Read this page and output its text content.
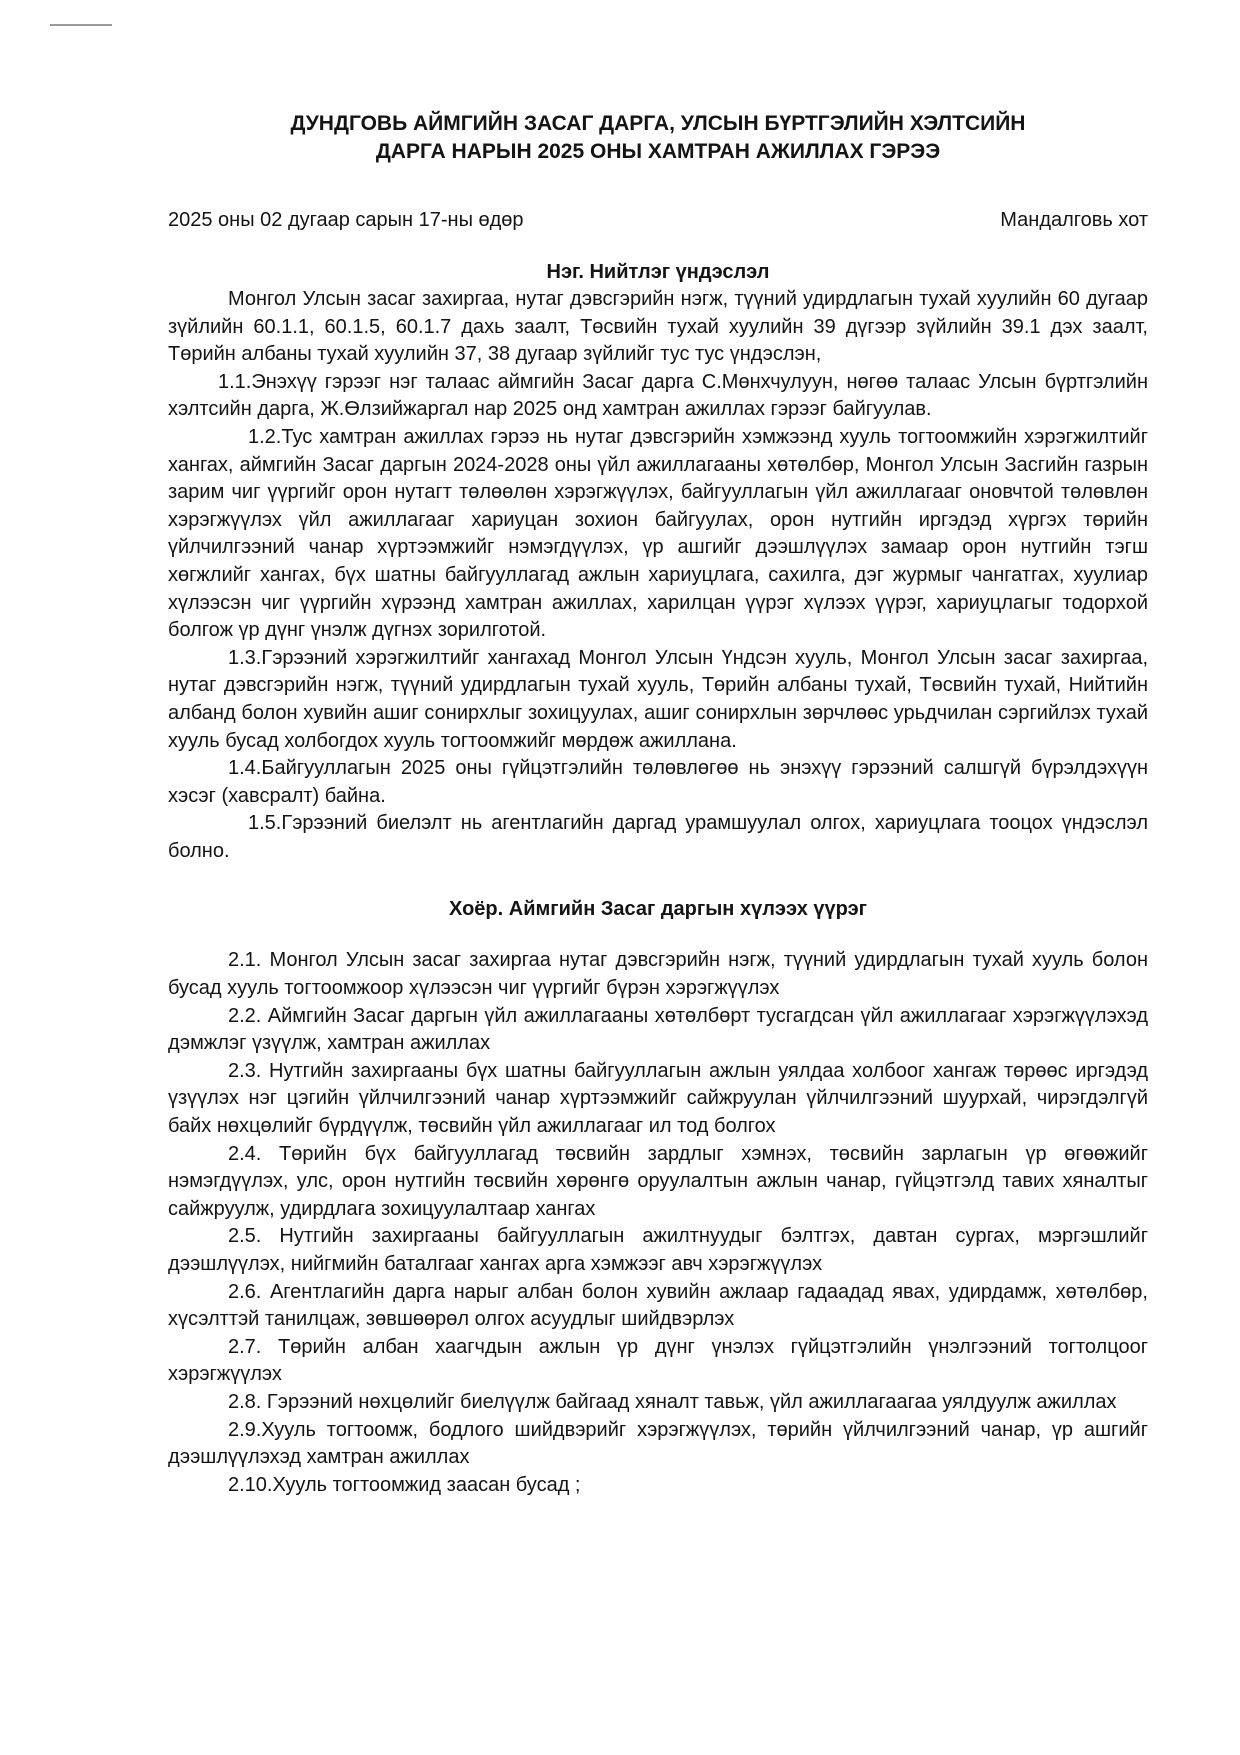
ДУНДГОВЬ АЙМГИЙН ЗАСАГ ДАРГА, УЛСЫН БҮРТГЭЛИЙН ХЭЛТСИЙН
ДАРГА НАРЫН 2025 ОНЫ ХАМТРАН АЖИЛЛАХ ГЭРЭЭ
2025 оны 02 дугаар сарын 17-ны өдөр	Мандалговь хот
Нэг. Нийтлэг үндэслэл

Монгол Улсын засаг захиргаа, нутаг дэвсгэрийн нэгж, түүний удирдлагын тухай хуулийн 60 дугаар зүйлийн 60.1.1, 60.1.5, 60.1.7 дахь заалт, Төсвийн тухай хуулийн 39 дүгээр зүйлийн 39.1 дэх заалт, Төрийн албаны тухай хуулийн 37, 38 дугаар зүйлийг тус тус үндэслэн,

1.1.Энэхүү гэрээг нэг талаас аймгийн Засаг дарга С.Мөнхчулуун, нөгөө талаас Улсын бүртгэлийн хэлтсийн дарга, Ж.Өлзийжаргал нар 2025 онд хамтран ажиллах гэрээг байгуулав.

1.2.Тус хамтран ажиллах гэрээ нь нутаг дэвсгэрийн хэмжээнд хууль тогтоомжийн хэрэгжилтийг хангах, аймгийн Засаг даргын 2024-2028 оны үйл ажиллагааны хөтөлбөр, Монгол Улсын Засгийн газрын зарим чиг үүргийг орон нутагт төлөөлөн хэрэгжүүлэх, байгууллагын үйл ажиллагааг оновчтой төлөвлөн хэрэгжүүлэх үйл ажиллагааг хариуцан зохион байгуулах, орон нутгийн иргэдэд хүргэх төрийн үйлчилгээний чанар хүртээмжийг нэмэгдүүлэх, үр ашгийг дээшлүүлэх замаар орон нутгийн тэгш хөгжлийг хангах, бүх шатны байгууллагад ажлын хариуцлага, сахилга, дэг журмыг чангатгах, хуулиар хүлээсэн чиг үүргийн хүрээнд хамтран ажиллах, харилцан үүрэг хүлээх үүрэг, хариуцлагыг тодорхой болгож үр дүнг үнэлж дүгнэх зорилготой.

1.3.Гэрээний хэрэгжилтийг хангахад Монгол Улсын Үндсэн хууль, Монгол Улсын засаг захиргаа, нутаг дэвсгэрийн нэгж, түүний удирдлагын тухай хууль, Төрийн албаны тухай, Төсвийн тухай, Нийтийн албанд болон хувийн ашиг сонирхлыг зохицуулах, ашиг сонирхлын зөрчлөөс урьдчилан сэргийлэх тухай хууль бусад холбогдох хууль тогтоомжийг мөрдөж ажиллана.

1.4.Байгууллагын 2025 оны гүйцэтгэлийн төлөвлөгөө нь энэхүү гэрээний салшгүй бүрэлдэхүүн хэсэг (хавсралт) байна.

1.5.Гэрээний биелэлт нь агентлагийн даргад урамшуулал олгох, хариуцлага тооцох үндэслэл болно.

Хоёр. Аймгийн Засаг даргын хүлээх үүрэг

2.1. Монгол Улсын засаг захиргаа нутаг дэвсгэрийн нэгж, түүний удирдлагын тухай хууль болон бусад хууль тогтоомжоор хүлээсэн чиг үүргийг бүрэн хэрэгжүүлэх

2.2. Аймгийн Засаг даргын үйл ажиллагааны хөтөлбөрт тусгагдсан үйл ажиллагааг хэрэгжүүлэхэд дэмжлэг үзүүлж, хамтран ажиллах

2.3. Нутгийн захиргааны бүх шатны байгууллагын ажлын уялдаа холбоог хангаж төрөөс иргэдэд үзүүлэх нэг цэгийн үйлчилгээний чанар хүртээмжийг сайжруулан үйлчилгээний шуурхай, чирэгдэлгүй байх нөхцөлийг бүрдүүлж, төсвийн үйл ажиллагааг ил тод болгох

2.4. Төрийн бүх байгууллагад төсвийн зардлыг хэмнэх, төсвийн зарлагын үр өгөөжийг нэмэгдүүлэх, улс, орон нутгийн төсвийн хөрөнгө оруулалтын ажлын чанар, гүйцэтгэлд тавих хяналтыг сайжруулж, удирдлага зохицуулалтаар хангах

2.5. Нутгийн захиргааны байгууллагын ажилтнуудыг бэлтгэх, давтан сургах, мэргэшлийг дээшлүүлэх, нийгмийн баталгааг хангах арга хэмжээг авч хэрэгжүүлэх

2.6. Агентлагийн дарга нарыг албан болон хувийн ажлаар гадаадад явах, удирдамж, хөтөлбөр, хүсэлттэй танилцаж, зөвшөөрөл олгох асуудлыг шийдвэрлэх

2.7. Төрийн албан хаагчдын ажлын үр дүнг үнэлэх гүйцэтгэлийн үнэлгээний тогтолцоог хэрэгжүүлэх

2.8. Гэрээний нөхцөлийг биелүүлж байгаад хяналт тавьж, үйл ажиллагаагаа уялдуулж ажиллах

2.9.Хууль тогтоомж, бодлого шийдвэрийг хэрэгжүүлэх, төрийн үйлчилгээний чанар, үр ашгийг дээшлүүлэхэд хамтран ажиллах

2.10.Хууль тогтоомжид заасан бусад ;
